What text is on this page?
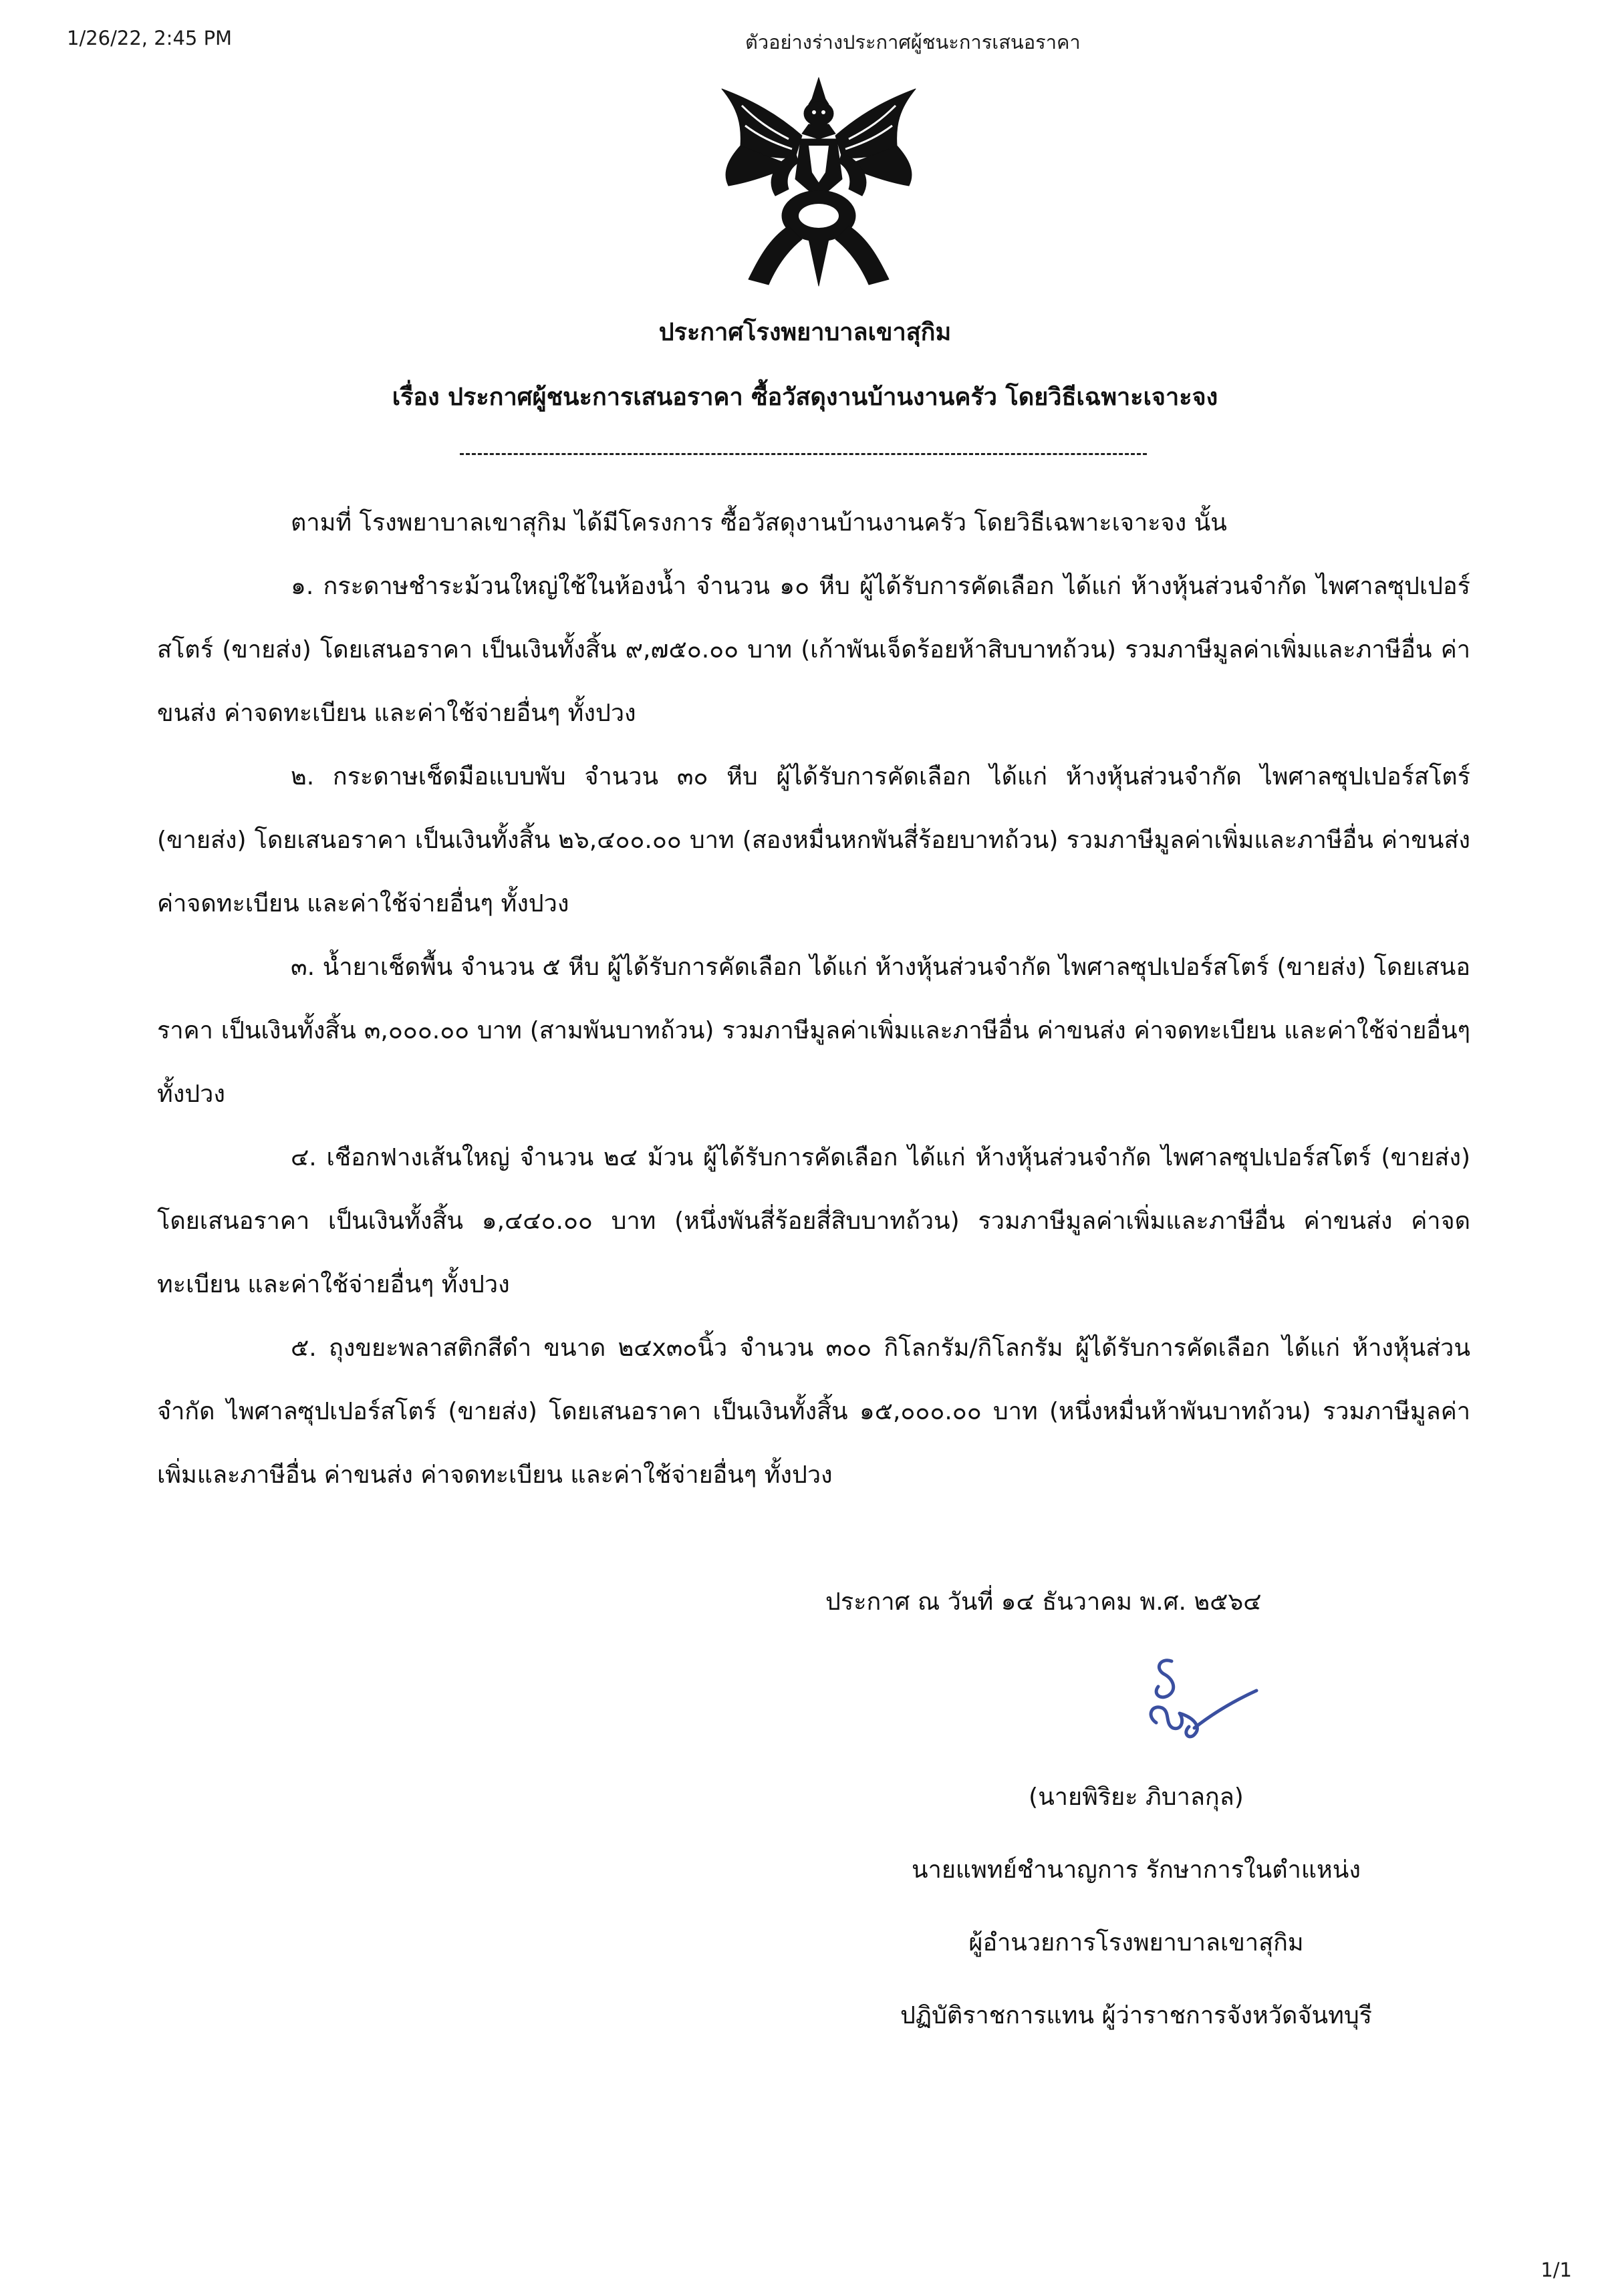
1/26/22, 2:45 PM	ตัวอย่างร่างประกาศผู้ชนะการเสนอราคา
ประกาศโรงพยาบาลเขาสุกิม
เรื่อง ประกาศผู้ชนะการเสนอราคา ซื้อวัสดุงานบ้านงานครัว โดยวิธีเฉพาะเจาะจง

ตามที่ โรงพยาบาลเขาสุกิม ได้มีโครงการ ซื้อวัสดุงานบ้านงานครัว โดยวิธีเฉพาะเจาะจง นั้น

๑. กระดาษชำระม้วนใหญ่ใช้ในห้องน้ำ จำนวน ๑๐ หีบ ผู้ได้รับการคัดเลือก ได้แก่ ห้างหุ้นส่วนจำกัด ไพศาลซุปเปอร์สโตร์ (ขายส่ง) โดยเสนอราคา เป็นเงินทั้งสิ้น ๙,๗๕๐.๐๐ บาท (เก้าพันเจ็ดร้อยห้าสิบบาทถ้วน) รวมภาษีมูลค่าเพิ่มและภาษีอื่น ค่าขนส่ง ค่าจดทะเบียน และค่าใช้จ่ายอื่นๆ ทั้งปวง

๒. กระดาษเช็ดมือแบบพับ จำนวน ๓๐ หีบ ผู้ได้รับการคัดเลือก ได้แก่ ห้างหุ้นส่วนจำกัด ไพศาลซุปเปอร์สโตร์ (ขายส่ง) โดยเสนอราคา เป็นเงินทั้งสิ้น ๒๖,๔๐๐.๐๐ บาท (สองหมื่นหกพันสี่ร้อยบาทถ้วน) รวมภาษีมูลค่าเพิ่มและภาษีอื่น ค่าขนส่ง ค่าจดทะเบียน และค่าใช้จ่ายอื่นๆ ทั้งปวง

๓. น้ำยาเช็ดพื้น จำนวน ๕ หีบ ผู้ได้รับการคัดเลือก ได้แก่ ห้างหุ้นส่วนจำกัด ไพศาลซุปเปอร์สโตร์ (ขายส่ง) โดยเสนอราคา เป็นเงินทั้งสิ้น ๓,๐๐๐.๐๐ บาท (สามพันบาทถ้วน) รวมภาษีมูลค่าเพิ่มและภาษีอื่น ค่าขนส่ง ค่าจดทะเบียน และค่าใช้จ่ายอื่นๆ ทั้งปวง

๔. เชือกฟางเส้นใหญ่ จำนวน ๒๔ ม้วน ผู้ได้รับการคัดเลือก ได้แก่ ห้างหุ้นส่วนจำกัด ไพศาลซุปเปอร์สโตร์ (ขายส่ง) โดยเสนอราคา เป็นเงินทั้งสิ้น ๑,๔๔๐.๐๐ บาท (หนึ่งพันสี่ร้อยสี่สิบบาทถ้วน) รวมภาษีมูลค่าเพิ่มและภาษีอื่น ค่าขนส่ง ค่าจดทะเบียน และค่าใช้จ่ายอื่นๆ ทั้งปวง

๕. ถุงขยะพลาสติกสีดำ ขนาด ๒๔x๓๐นิ้ว จำนวน ๓๐๐ กิโลกรัม/กิโลกรัม ผู้ได้รับการคัดเลือก ได้แก่ ห้างหุ้นส่วนจำกัด ไพศาลซุปเปอร์สโตร์ (ขายส่ง) โดยเสนอราคา เป็นเงินทั้งสิ้น ๑๕,๐๐๐.๐๐ บาท (หนึ่งหมื่นห้าพันบาทถ้วน) รวมภาษีมูลค่าเพิ่มและภาษีอื่น ค่าขนส่ง ค่าจดทะเบียน และค่าใช้จ่ายอื่นๆ ทั้งปวง

ประกาศ ณ วันที่ ๑๔ ธันวาคม พ.ศ. ๒๕๖๔

(นายพิริยะ ภิบาลกุล)
นายแพทย์ชำนาญการ รักษาการในตำแหน่ง
ผู้อำนวยการโรงพยาบาลเขาสุกิม
ปฏิบัติราชการแทน ผู้ว่าราชการจังหวัดจันทบุรี
1/1
